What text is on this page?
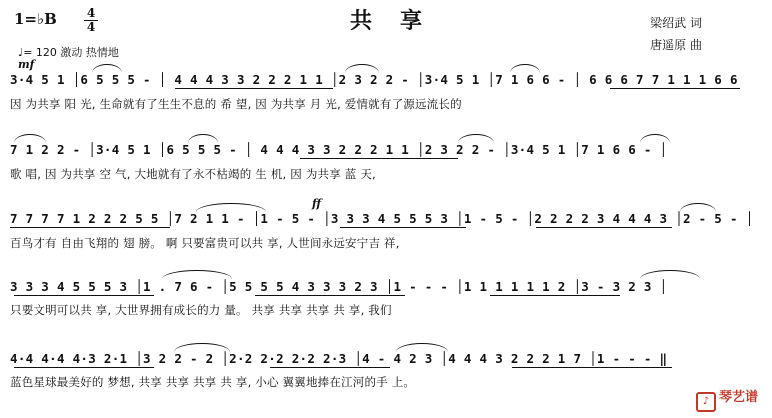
1=♭B	4
4	共享	梁绍武 词
唐遥原 曲
♩= 120 激动 热情地
mf
ff
3·4 5 1 │6 5 5 5 - │ 4 4 4 3 3 2 2 2 1 1 │2 3 2 2 - │3·4 5 1 │7 1 6 6 - │ 6 6 6 7 7 1 1 1 6 6
因 为共享 阳 光, 生命就有了生生不息的 希 望, 因 为共享 月 光, 爱情就有了源远流长的
7 1 2 2 - │3·4 5 1 │6 5 5 5 - │ 4 4 4 3 3 2 2 2 1 1 │2 3 2 2 - │3·4 5 1 │7 1 6 6 - │
歌 唱, 因 为共享 空 气, 大地就有了永不枯竭的 生 机, 因 为共享 蓝 天,
7 7 7 7 1 2 2 2 5 5 │7 2 1 1 - │1 - 5 - │3 3 3 4 5 5 5 3 │1 - 5 - │2 2 2 2 3 4 4 4 3 │2 - 5 - │
百鸟才有 自由飞翔的 翅 膀。 啊 只要富贵可以共 享, 人世间永远安宁吉 祥,
3 3 3 4 5 5 5 3 │1 . 7 6 - │5 5 5 5 4 3 3 3 2 3 │1 - - - │1 1 1 1 1 1 2 │3 - 3 2 3 │
只要文明可以共 享, 大世界拥有成长的力 量。 共享 共享 共享 共 享, 我们
4·4 4·4 4·3 2·1 │3 2 2 - 2 │2·2 2·2 2·2 2·3 │4 - 4 2 3 │4 4 4 3 2 2 2 1 7 │1 - - - ‖
蓝色星球最美好的 梦想, 共享 共享 共享 共 享, 小心 翼翼地捧在江河的手 上。
♪ 琴艺谱
